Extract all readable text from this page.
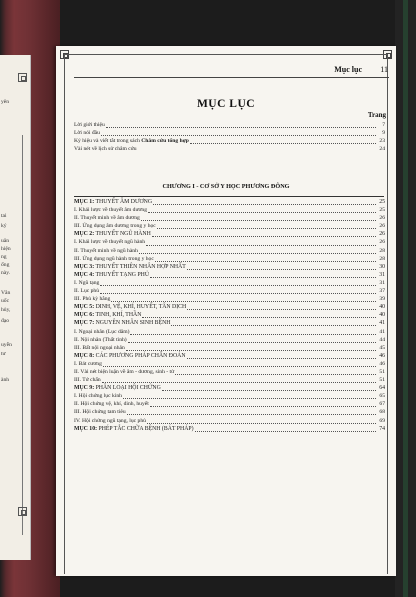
yên
tai
ký
uân
hiện
ng
ống
này.
Văn
uốc
hủy,
đạo
uyễn
tư
ành
Mục lục 11
MỤC LỤC
Trang
Lời giới thiệu	7
Lời nói đầu	9
Ký hiệu và viết tắt trong sách Châm cứu tổng hợp	23
Vài nét về lịch sử châm cứu	24
CHƯƠNG I - CƠ SỞ Y HỌC PHƯƠNG ĐÔNG
MỤC 1: THUYẾT ÂM DƯƠNG	25
I. Khái lược về thuyết âm dương	25
II. Thuyết minh về âm dương	26
III. Ứng dụng âm dương trong y học	26
MỤC 2: THUYẾT NGŨ HÀNH	26
I. Khái lược về thuyết ngũ hành	26
II. Thuyết minh về ngũ hành	28
III. Ứng dụng ngũ hành trong y học	28
MỤC 3: THUYẾT THIÊN NHÂN HỢP NHẤT	30
MỤC 4: THUYẾT TẠNG PHỦ	31
I. Ngũ tạng	31
II. Lục phủ	37
III. Phủ kỳ hằng	39
MỤC 5: DINH, VỆ, KHÍ, HUYẾT, TÂN DỊCH	40
MỤC 6: TINH, KHÍ, THẦN	40
MỤC 7: NGUYÊN NHÂN SINH BỆNH	41
I. Ngoại nhân (Lục dâm)	41
II. Nội nhân (Thất tình)	44
III. Bất nội ngoại nhân	45
MỤC 8: CÁC PHƯƠNG PHÁP CHẨN ĐOÁN	46
I. Bát cương	46
II. Vài nét biện luận về âm - dương, sinh - tử	51
III. Tứ chẩn	51
MỤC 9: PHÂN LOẠI HỘI CHỨNG	64
I. Hội chứng lục kinh	65
II. Hội chứng vệ, khí, dinh, huyết	67
III. Hội chứng tam tiêu	68
IV. Hội chứng ngũ tạng, lục phủ	69
MỤC 10: PHÉP TẮC CHỮA BỆNH (BÁT PHÁP)	74
